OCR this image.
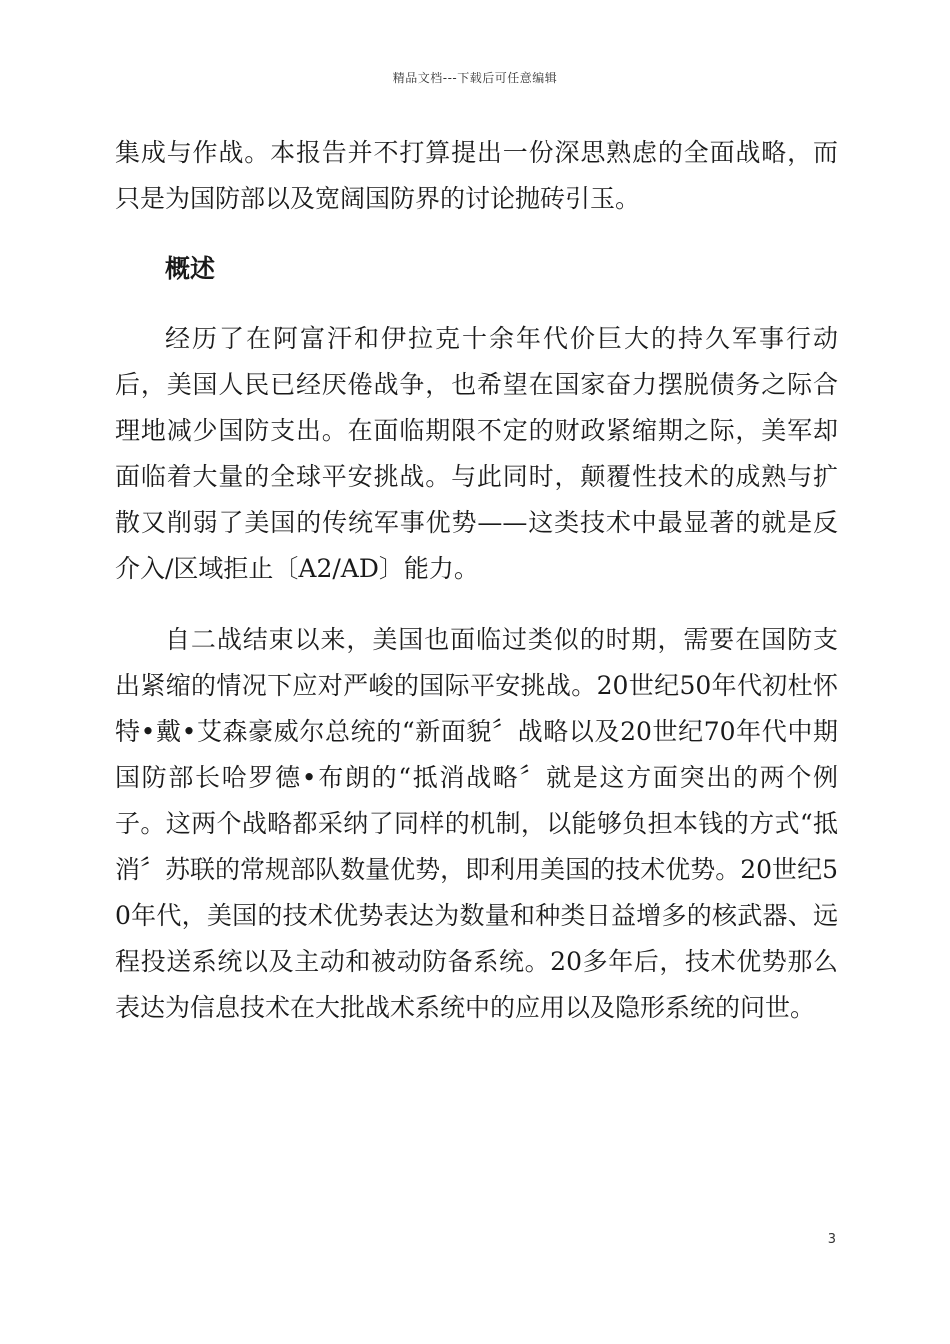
精品文档---下载后可任意编辑

集成与作战。本报告并不打算提出一份深思熟虑的全面战略，而只是为国防部以及宽阔国防界的讨论抛砖引玉。

概述

经历了在阿富汗和伊拉克十余年代价巨大的持久军事行动后，美国人民已经厌倦战争，也希望在国家奋力摆脱债务之际合理地减少国防支出。在面临期限不定的财政紧缩期之际，美军却面临着大量的全球平安挑战。与此同时，颠覆性技术的成熟与扩散又削弱了美国的传统军事优势——这类技术中最显著的就是反介入/区域拒止〔A2/AD〕能力。

自二战结束以来，美国也面临过类似的时期，需要在国防支出紧缩的情况下应对严峻的国际平安挑战。20世纪50年代初杜怀特•戴•艾森豪威尔总统的“新面貌〞战略以及20世纪70年代中期国防部长哈罗德•布朗的“抵消战略〞就是这方面突出的两个例子。这两个战略都采纳了同样的机制，以能够负担本钱的方式“抵消〞苏联的常规部队数量优势，即利用美国的技术优势。20世纪50年代，美国的技术优势表达为数量和种类日益增多的核武器、远程投送系统以及主动和被动防备系统。20多年后，技术优势那么表达为信息技术在大批战术系统中的应用以及隐形系统的问世。

3
